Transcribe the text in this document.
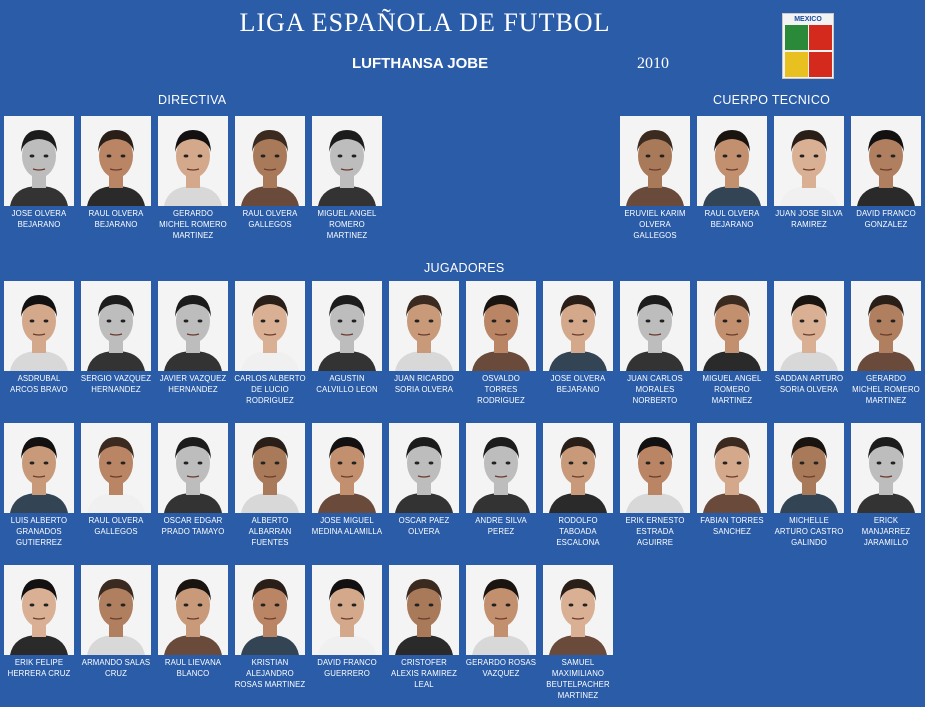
LIGA ESPAÑOLA DE FUTBOL
LUFTHANSA JOBE	2010
MEXICO
DIRECTIVA	CUERPO TECNICO
JUGADORES
JOSE OLVERA BEJARANO
RAUL OLVERA BEJARANO
GERARDO MICHEL ROMERO MARTINEZ
RAUL OLVERA GALLEGOS
MIGUEL ANGEL ROMERO MARTINEZ
ERUVIEL KARIM OLVERA GALLEGOS
RAUL OLVERA BEJARANO
JUAN JOSE SILVA RAMIREZ
DAVID FRANCO GONZALEZ
ASDRUBAL ARCOS BRAVO
SERGIO VAZQUEZ HERNANDEZ
JAVIER VAZQUEZ HERNANDEZ
CARLOS ALBERTO DE LUCIO RODRIGUEZ
AGUSTIN CALVILLO LEON
JUAN RICARDO SORIA OLVERA
OSVALDO TORRES RODRIGUEZ
JOSE OLVERA BEJARANO
JUAN CARLOS MORALES NORBERTO
MIGUEL ANGEL ROMERO MARTINEZ
SADDAN ARTURO SORIA OLVERA
GERARDO MICHEL ROMERO MARTINEZ
LUIS ALBERTO GRANADOS GUTIERREZ
RAUL OLVERA GALLEGOS
OSCAR EDGAR PRADO TAMAYO
ALBERTO ALBARRAN FUENTES
JOSE MIGUEL MEDINA ALAMILLA
OSCAR PAEZ OLVERA
ANDRE SILVA PEREZ
RODOLFO TABOADA ESCALONA
ERIK ERNESTO ESTRADA AGUIRRE
FABIAN TORRES SANCHEZ
MICHELLE ARTURO CASTRO GALINDO
ERICK MANJARREZ JARAMILLO
ERIK FELIPE HERRERA CRUZ
ARMANDO SALAS CRUZ
RAUL LIEVANA BLANCO
KRISTIAN ALEJANDRO ROSAS MARTINEZ
DAVID FRANCO GUERRERO
CRISTOFER ALEXIS RAMIREZ LEAL
GERARDO ROSAS VAZQUEZ
SAMUEL MAXIMILIANO BEUTELPACHER MARTINEZ
